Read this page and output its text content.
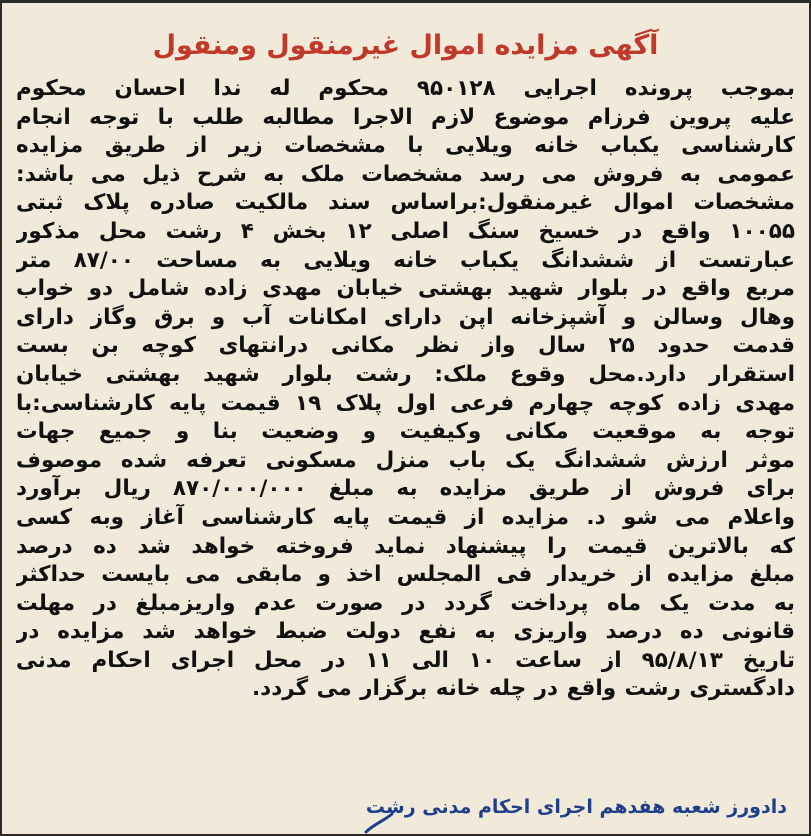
آگهی مزایده اموال غیرمنقول ومنقول
بموجب پرونده اجرایی ۹۵۰۱۲۸ محکوم له ندا احسان محکوم
علیه پروین فرزام موضوع لازم الاجرا مطالبه طلب با توجه انجام
کارشناسی یکباب خانه ویلایی با مشخصات زیر از طریق مزایده
عمومی به فروش می رسد مشخصات ملک به شرح ذیل می باشد:
مشخصات اموال غیرمنقول:براساس سند مالکیت صادره پلاک ثبتی
۱۰۰۵۵ واقع در خسیخ سنگ اصلی ۱۲ بخش ۴ رشت محل مذکور
عبارتست از ششدانگ یکباب خانه ویلایی به مساحت ۸۷/۰۰ متر
مربع واقع در بلوار شهید بهشتی خیابان مهدی زاده شامل دو خواب
وهال وسالن و آشپزخانه اپن دارای امکانات آب و برق وگاز دارای
قدمت حدود ۲۵ سال واز نظر مکانی درانتهای کوچه بن بست
استقرار دارد.محل وقوع ملک: رشت بلوار شهید بهشتی خیابان
مهدی زاده کوچه چهارم فرعی اول پلاک ۱۹ قیمت پایه کارشناسی:با
توجه به موقعیت مکانی وکیفیت و وضعیت بنا و جمیع جهات
موثر ارزش ششدانگ یک باب منزل مسکونی تعرفه شده موصوف
برای فروش از طریق مزایده به مبلغ ۸۷۰/۰۰۰/۰۰۰ ریال برآورد
واعلام می شو د. مزایده از قیمت پایه کارشناسی آغاز وبه کسی
که بالاترین قیمت را پیشنهاد نماید فروخته خواهد شد ده درصد
مبلغ مزایده از خریدار فی المجلس اخذ و مابقی می بایست حداکثر
به مدت یک ماه پرداخت گردد در صورت عدم واریزمبلغ در مهلت
قانونی ده درصد واریزی به نفع دولت ضبط خواهد شد مزایده در
تاریخ ۹۵/۸/۱۳ از ساعت ۱۰ الی ۱۱ در محل اجرای احکام مدنی
دادگستری رشت واقع در چله خانه برگزار می گردد.
دادورز شعبه هفدهم اجرای احکام مدنی رشت
